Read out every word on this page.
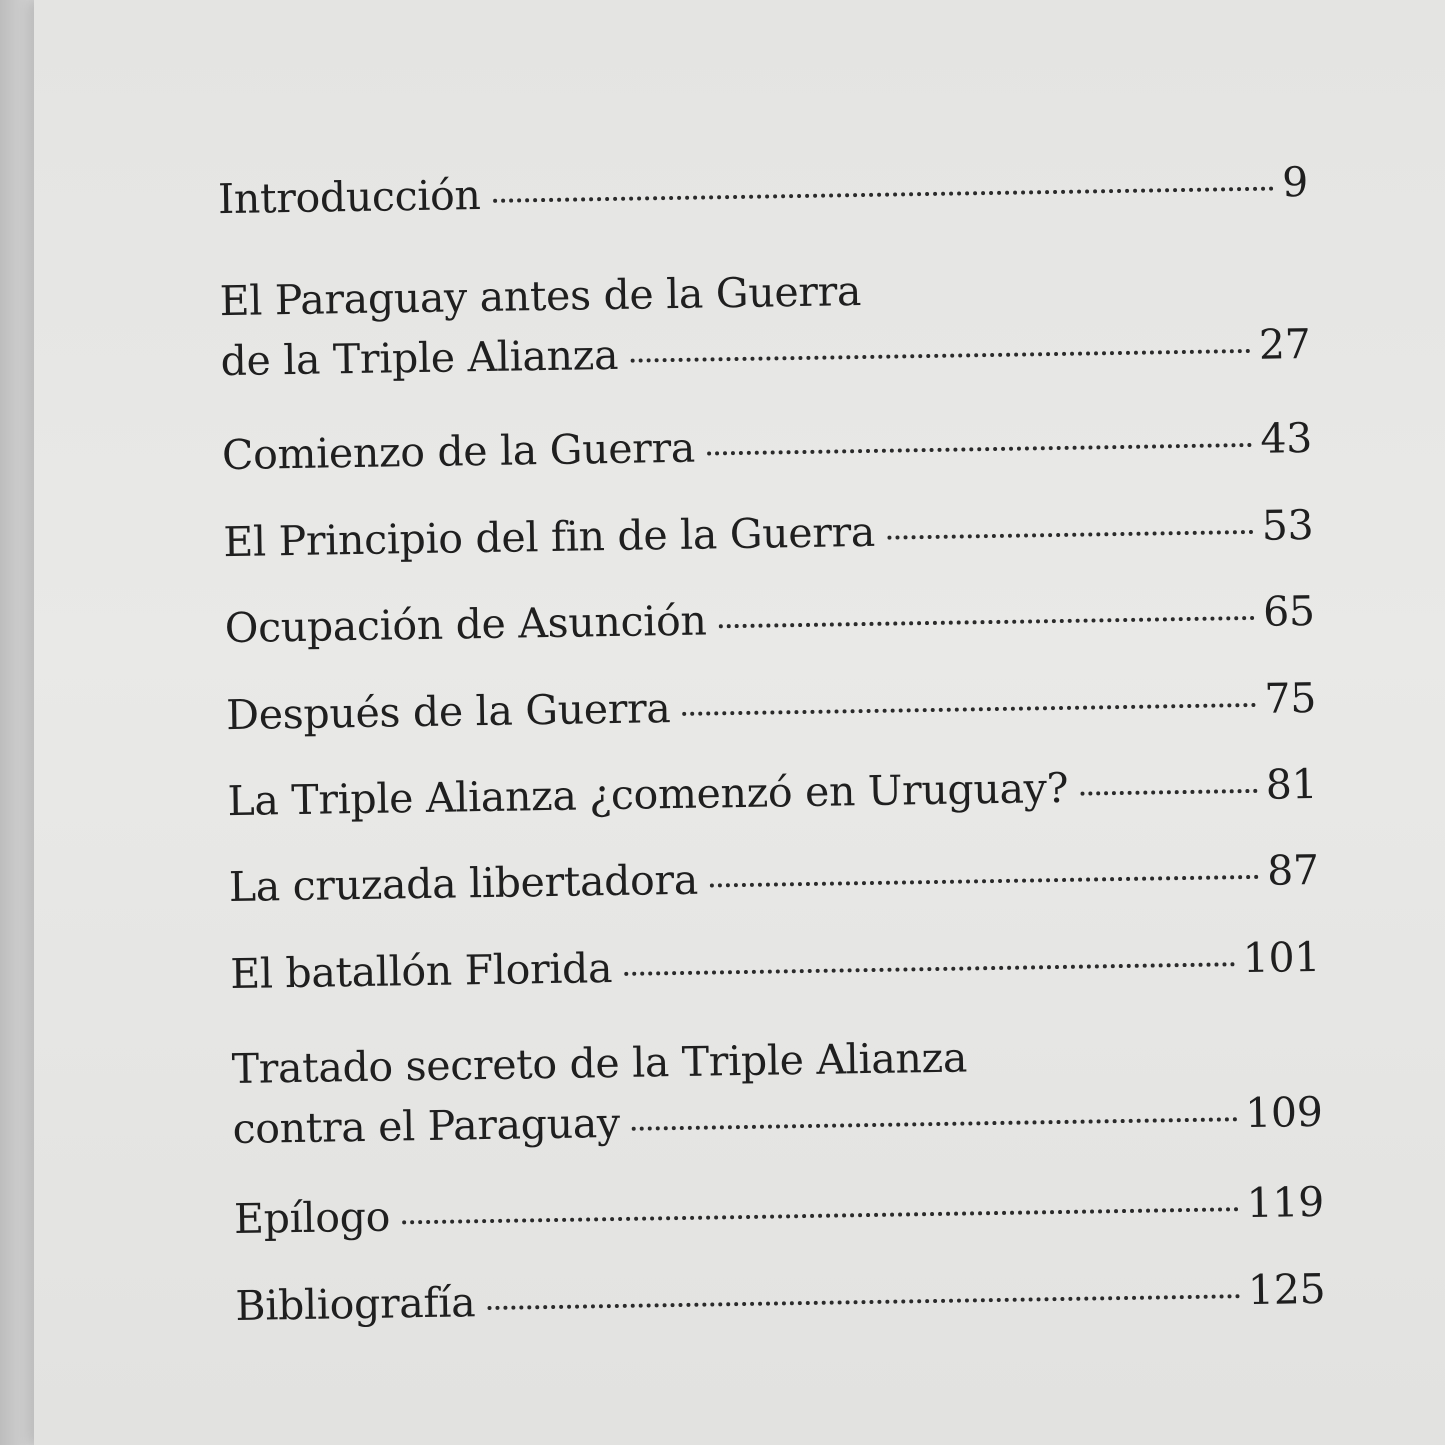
Introducción	9
El Paraguay antes de la Guerra
de la Triple Alianza	27
Comienzo de la Guerra	43
El Principio del fin de la Guerra	53
Ocupación de Asunción	65
Después de la Guerra	75
La Triple Alianza ¿comenzó en Uruguay?	81
La cruzada libertadora	87
El batallón Florida	101
Tratado secreto de la Triple Alianza
contra el Paraguay	109
Epílogo	119
Bibliografía	125
